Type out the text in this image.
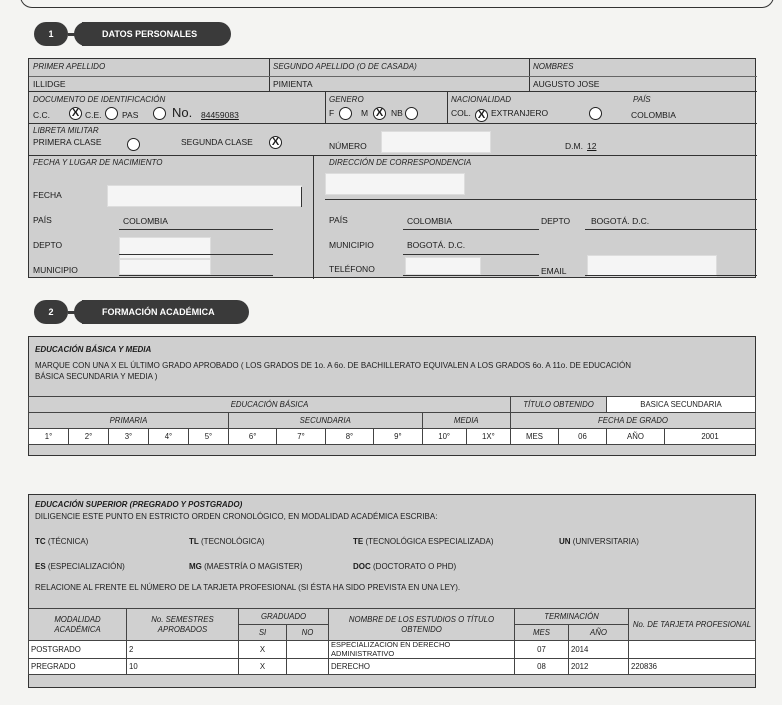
1	DATOS PERSONALES
PRIMER APELLIDO
ILLIDGE
SEGUNDO APELLIDO (O DE CASADA)
PIMIENTA
NOMBRES
AUGUSTO JOSE
DOCUMENTO DE IDENTIFICACIÓN
C.C. X C.E. PAS	No. 84459083
GENERO
F	M X NB
NACIONALIDAD
COL. X EXTRANJERO
PAÍS
COLOMBIA
LIBRETA MILITAR
PRIMERA CLASE	SEGUNDA CLASE X	NÚMERO	D.M. 12
FECHA Y LUGAR DE NACIMIENTO
FECHA
PAÍS	COLOMBIA
DEPTO
MUNICIPIO
DIRECCIÓN DE CORRESPONDENCIA
PAÍS	COLOMBIA	DEPTO BOGOTÁ. D.C.
MUNICIPIO	BOGOTÁ. D.C.
TELÉFONO	EMAIL
2	FORMACIÓN ACADÉMICA
EDUCACIÓN BÁSICA Y MEDIA
MARQUE CON UNA X EL ÚLTIMO GRADO APROBADO ( LOS GRADOS DE 1o. A 6o. DE BACHILLERATO EQUIVALEN A LOS GRADOS 6o. A 11o. DE EDUCACIÓN
BÁSICA SECUNDARIA Y MEDIA )
EDUCACIÓN BÁSICA											TÍTULO OBTENIDO		BASICA SECUNDARIA	
PRIMARIA					SECUNDARIA				MEDIA		FECHA DE GRADO			
1°	2°	3°	4°	5°	6°	7°	8°	9°	10°	1X°	MES	06	AÑO	2001
EDUCACIÓN SUPERIOR (PREGRADO Y POSTGRADO)
DILIGENCIE ESTE PUNTO EN ESTRICTO ORDEN CRONOLÓGICO, EN MODALIDAD ACADÉMICA ESCRIBA:
TC (TÉCNICA)	TL (TECNOLÓGICA)	TE (TECNOLÓGICA ESPECIALIZADA)	UN (UNIVERSITARIA)
ES (ESPECIALIZACIÓN)	MG (MAESTRÍA O MAGISTER)	DOC (DOCTORATO O PHD)
RELACIONE AL FRENTE EL NÚMERO DE LA TARJETA PROFESIONAL (SI ÉSTA HA SIDO PREVISTA EN UNA LEY).
MODALIDAD ACADÉMICA	No. SEMESTRES APROBADOS	GRADUADO		NOMBRE DE LOS ESTUDIOS O TÍTULO OBTENIDO	TERMINACIÓN		No. DE TARJETA PROFESIONAL
		SI	NO		MES	AÑO	
POSTGRADO	2	X		ESPECIALIZACION EN DERECHO ADMINISTRATIVO	07	2014	
PREGRADO	10	X		DERECHO	08	2012	220836
